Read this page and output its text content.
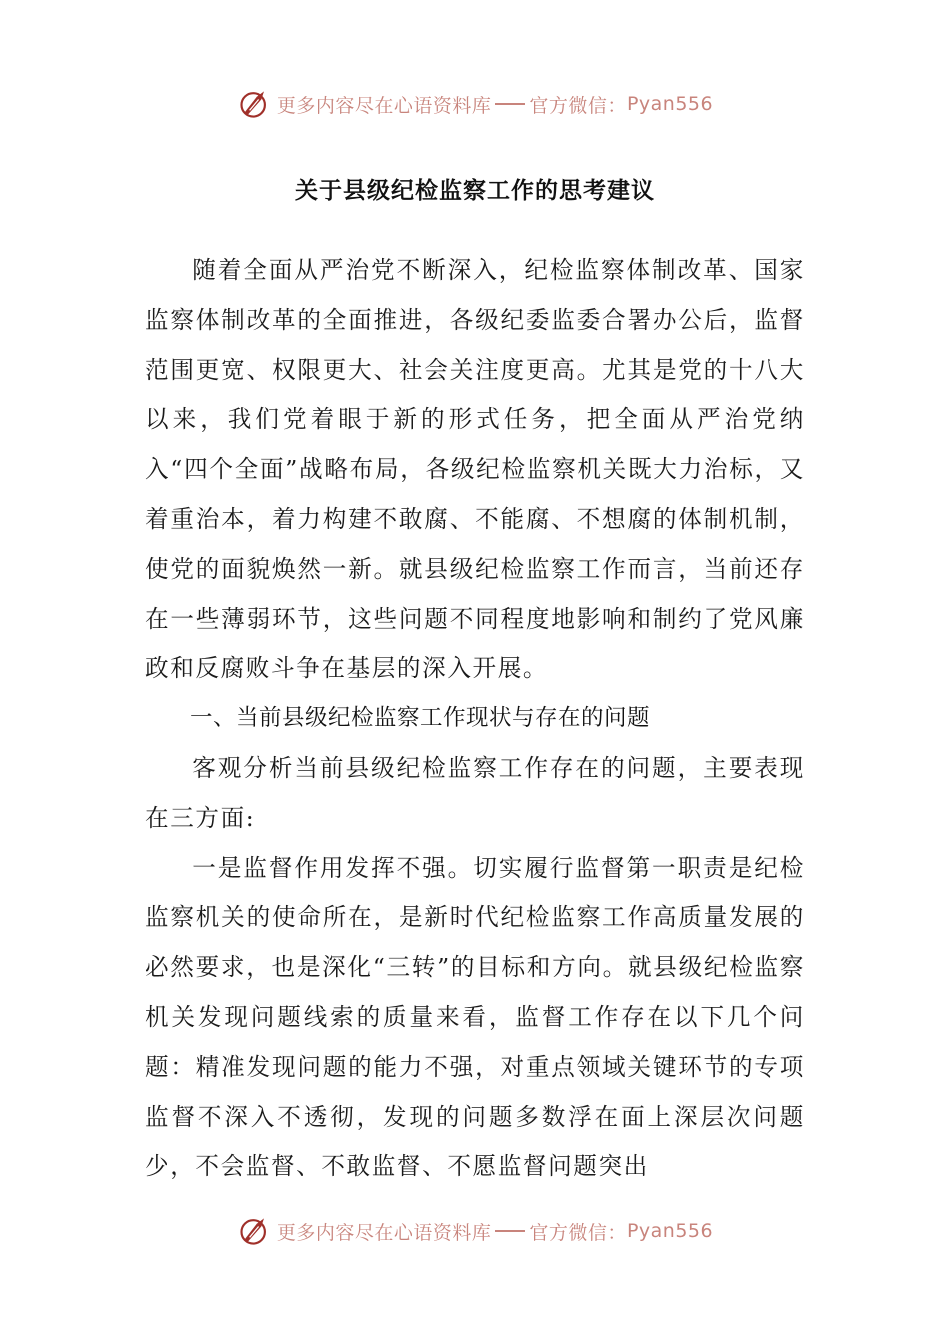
更多内容尽在心语资料库 官方微信： Pyan556
关于县级纪检监察工作的思考建议

随着全面从严治党不断深入，纪检监察体制改革、国家监察体制改革的全面推进，各级纪委监委合署办公后，监督范围更宽、权限更大、社会关注度更高。尤其是党的十八大以来，我们党着眼于新的形式任务，把全面从严治党纳入“四个全面”战略布局，各级纪检监察机关既大力治标，又着重治本，着力构建不敢腐、不能腐、不想腐的体制机制，使党的面貌焕然一新。就县级纪检监察工作而言，当前还存在一些薄弱环节，这些问题不同程度地影响和制约了党风廉政和反腐败斗争在基层的深入开展。

一、当前县级纪检监察工作现状与存在的问题

客观分析当前县级纪检监察工作存在的问题，主要表现在三方面:

一是监督作用发挥不强。切实履行监督第一职责是纪检监察机关的使命所在，是新时代纪检监察工作高质量发展的必然要求，也是深化“三转”的目标和方向。就县级纪检监察机关发现问题线索的质量来看，监督工作存在以下几个问题：精准发现问题的能力不强，对重点领域关键环节的专项监督不深入不透彻，发现的问题多数浮在面上深层次问题少，不会监督、不敢监督、不愿监督问题突出

更多内容尽在心语资料库 官方微信： Pyan556
